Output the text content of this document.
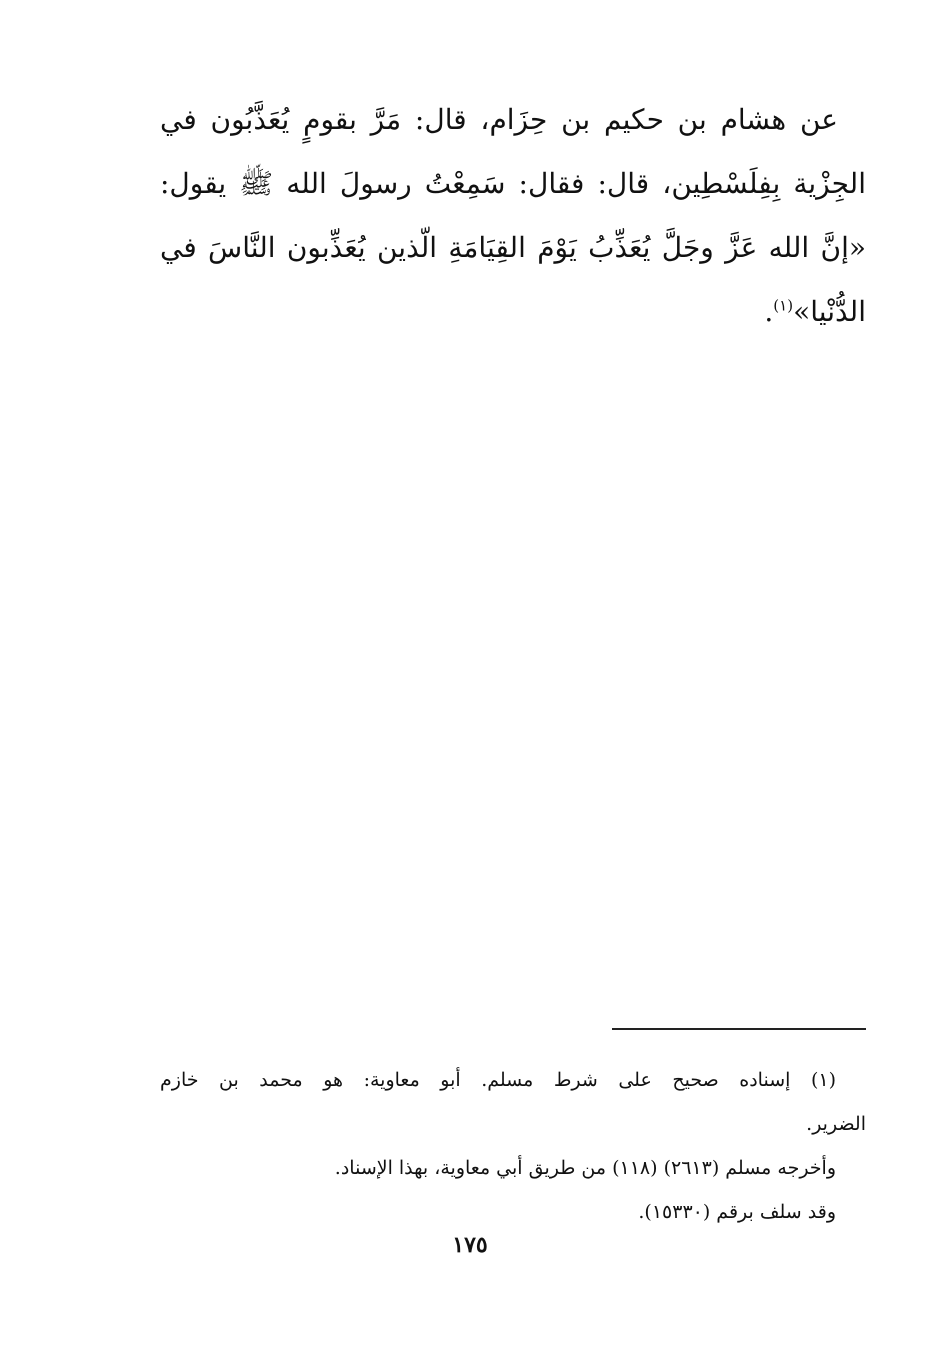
عن هشام بن حكيم بن حِزَام، قال: مَرَّ بقومٍ يُعَذَّبُون في
الجِزْية بِفِلَسْطِين، قال: فقال: سَمِعْتُ رسولَ الله ﷺ يقول:
«إنَّ الله عَزَّ وجَلَّ يُعَذِّبُ يَوْمَ القِيَامَةِ الّذين يُعَذِّبون النَّاسَ في
الدُّنْيا»$^{(١)}$.
(١) إسناده صحيح على شرط مسلم. أبو معاوية: هو محمد بن خازم
الضرير.
وأخرجه مسلم (٢٦١٣) (١١٨) من طريق أبي معاوية، بهذا الإسناد.
وقد سلف برقم (١٥٣٣٠).
١٧٥
